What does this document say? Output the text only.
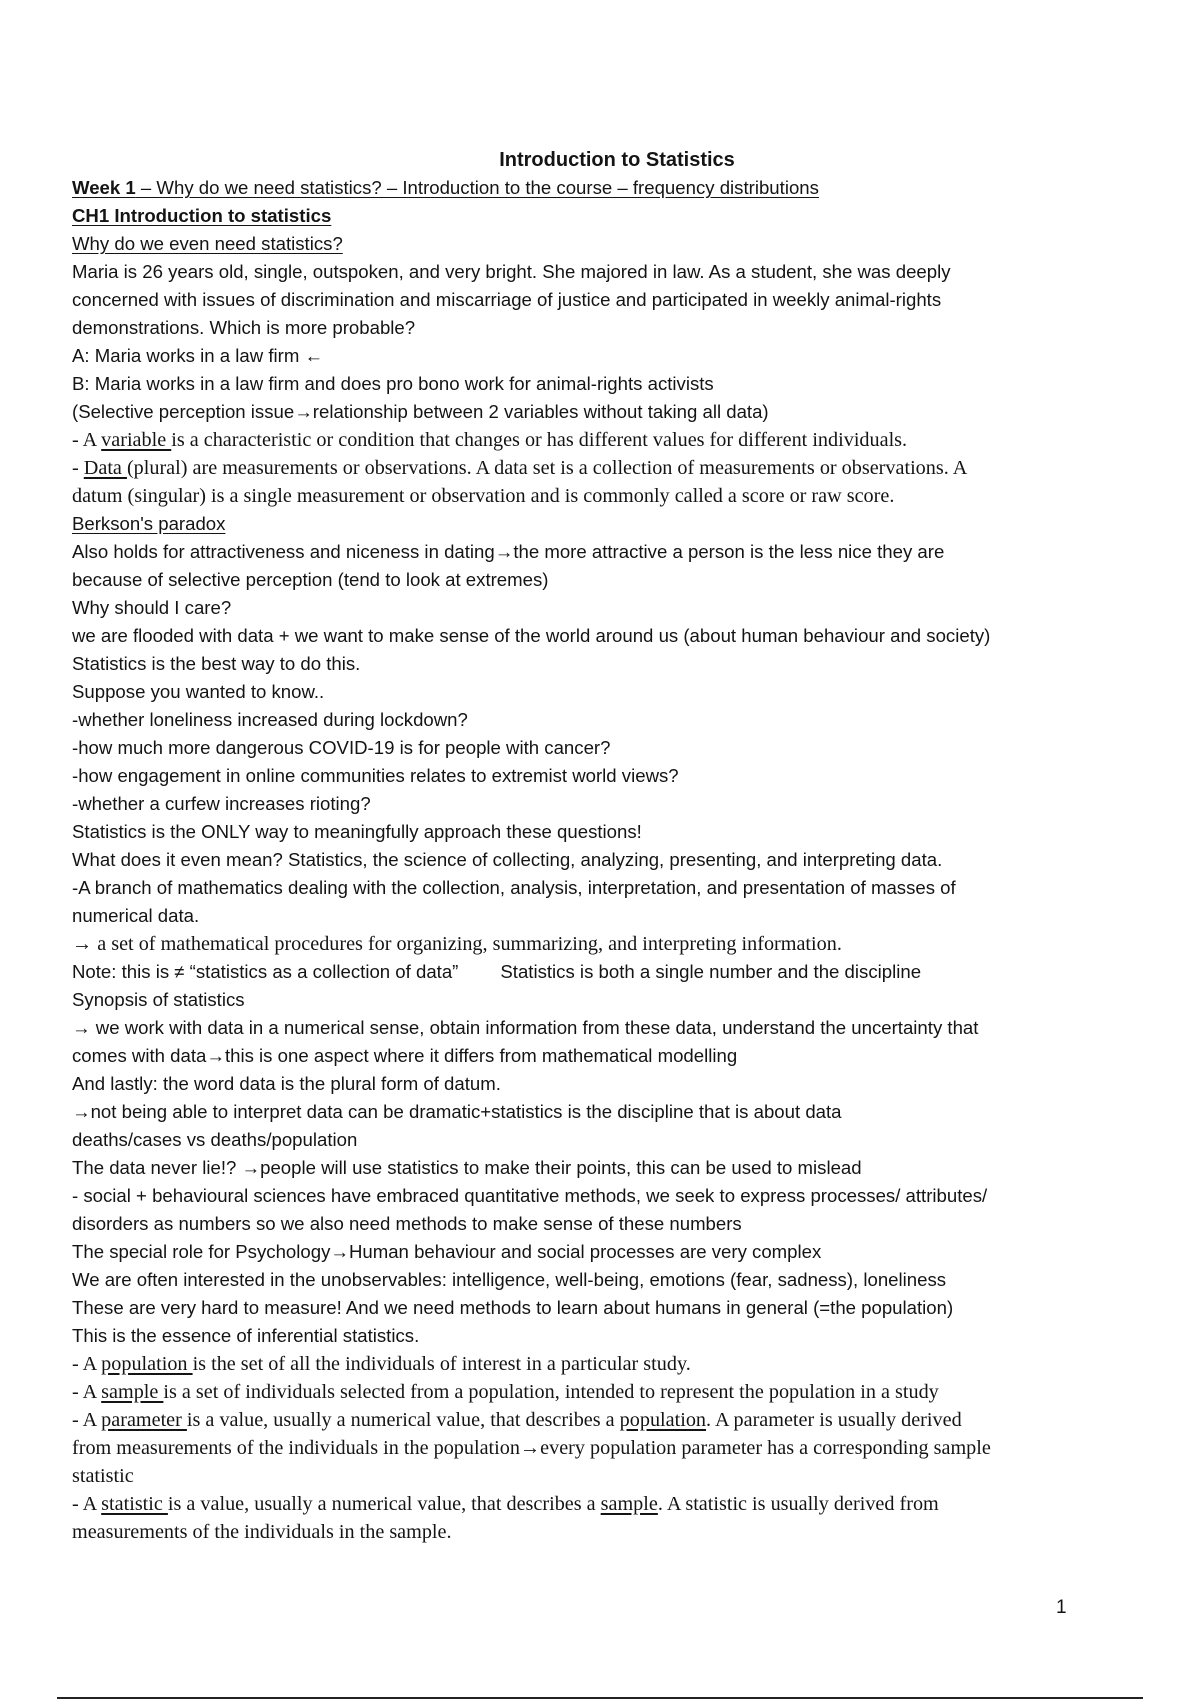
Introduction to Statistics
Week 1 – Why do we need statistics? – Introduction to the course – frequency distributions
CH1 Introduction to statistics
Why do we even need statistics?
Maria is 26 years old, single, outspoken, and very bright. She majored in law. As a student, she was deeply
concerned with issues of discrimination and miscarriage of justice and participated in weekly animal-rights
demonstrations. Which is more probable?
A: Maria works in a law firm ←
B: Maria works in a law firm and does pro bono work for animal-rights activists
(Selective perception issue→relationship between 2 variables without taking all data)
- A variable is a characteristic or condition that changes or has different values for different individuals.
- Data (plural) are measurements or observations. A data set is a collection of measurements or observations. A
datum (singular) is a single measurement or observation and is commonly called a score or raw score.
Berkson's paradox
Also holds for attractiveness and niceness in dating→the more attractive a person is the less nice they are
because of selective perception (tend to look at extremes)
Why should I care?
we are flooded with data + we want to make sense of the world around us (about human behaviour and society)
Statistics is the best way to do this.
Suppose you wanted to know..
-whether loneliness increased during lockdown?
-how much more dangerous COVID-19 is for people with cancer?
-how engagement in online communities relates to extremist world views?
-whether a curfew increases rioting?
Statistics is the ONLY way to meaningfully approach these questions!
What does it even mean? Statistics, the science of collecting, analyzing, presenting, and interpreting data.
-A branch of mathematics dealing with the collection, analysis, interpretation, and presentation of masses of
numerical data.
→ a set of mathematical procedures for organizing, summarizing, and interpreting information.
Note: this is ≠ “statistics as a collection of data” Statistics is both a single number and the discipline
Synopsis of statistics
→ we work with data in a numerical sense, obtain information from these data, understand the uncertainty that
comes with data→this is one aspect where it differs from mathematical modelling
And lastly: the word data is the plural form of datum.
→not being able to interpret data can be dramatic+statistics is the discipline that is about data
deaths/cases vs deaths/population
The data never lie!? →people will use statistics to make their points, this can be used to mislead
- social + behavioural sciences have embraced quantitative methods, we seek to express processes/ attributes/
disorders as numbers so we also need methods to make sense of these numbers
The special role for Psychology→Human behaviour and social processes are very complex
We are often interested in the unobservables: intelligence, well-being, emotions (fear, sadness), loneliness
These are very hard to measure! And we need methods to learn about humans in general (=the population)
This is the essence of inferential statistics.
- A population is the set of all the individuals of interest in a particular study.
- A sample is a set of individuals selected from a population, intended to represent the population in a study
- A parameter is a value, usually a numerical value, that describes a population. A parameter is usually derived
from measurements of the individuals in the population→every population parameter has a corresponding sample
statistic
- A statistic is a value, usually a numerical value, that describes a sample. A statistic is usually derived from
measurements of the individuals in the sample.
1
